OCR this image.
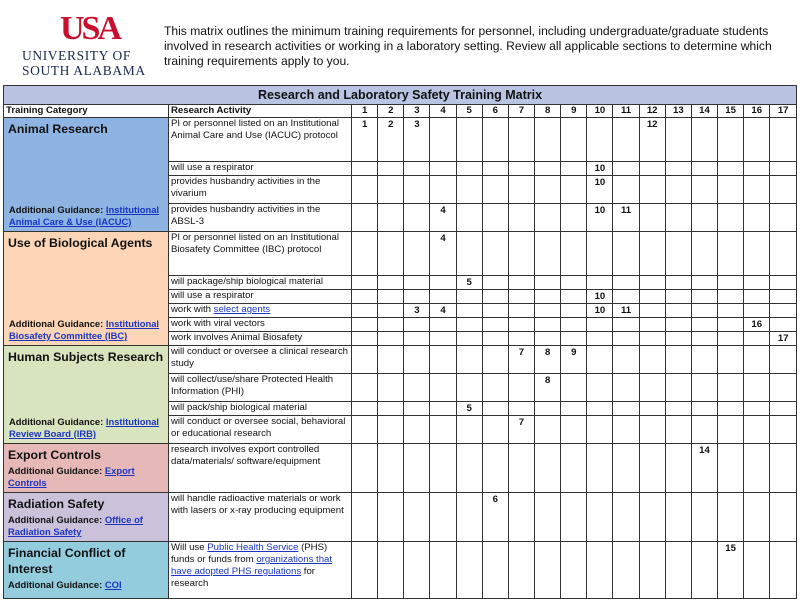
USA
UNIVERSITY OF
SOUTH ALABAMA
This matrix outlines the minimum training requirements for personnel, including undergraduate/graduate students involved in research activities or working in a laboratory setting. Review all applicable sections to determine which training requirements apply to you.
Research and Laboratory Safety Training Matrix																		
Training Category	Research Activity	1	2	3	4	5	6	7	8	9	10	11	12	13	14	15	16	17

Animal Research
Additional Guidance: Institutional Animal Care & Use (IACUC)	PI or personnel listed on an Institutional Animal Care and Use (IACUC) protocol	1	2	3									12					
	will use a respirator										10							
	provides husbandry activities in the vivarium										10							
	provides husbandry activities in the ABSL-3				4						10	11						

Use of Biological Agents
Additional Guidance: Institutional Biosafety Committee (IBC)	PI or personnel listed on an Institutional Biosafety Committee (IBC) protocol				4													
	will package/ship biological material					5												
	will use a respirator										10							
	work with select agents			3	4						10	11						
	work with viral vectors																16	
	work involves Animal Biosafety																	17

Human Subjects Research
Additional Guidance: Institutional Review Board (IRB)	will conduct or oversee a clinical research study							7	8	9								
	will collect/use/share Protected Health Information (PHI)								8									
	will pack/ship biological material					5												
	will conduct or oversee social, behavioral or educational research							7										

Export Controls
Additional Guidance: Export Controls	research involves export controlled data/materials/ software/equipment														14			

Radiation Safety
Additional Guidance: Office of Radiation Safety	will handle radioactive materials or work with lasers or x-ray producing equipment						6											

Financial Conflict of Interest
Additional Guidance: COI	Will use Public Health Service (PHS) funds or funds from organizations that have adopted PHS regulations for research															15		
